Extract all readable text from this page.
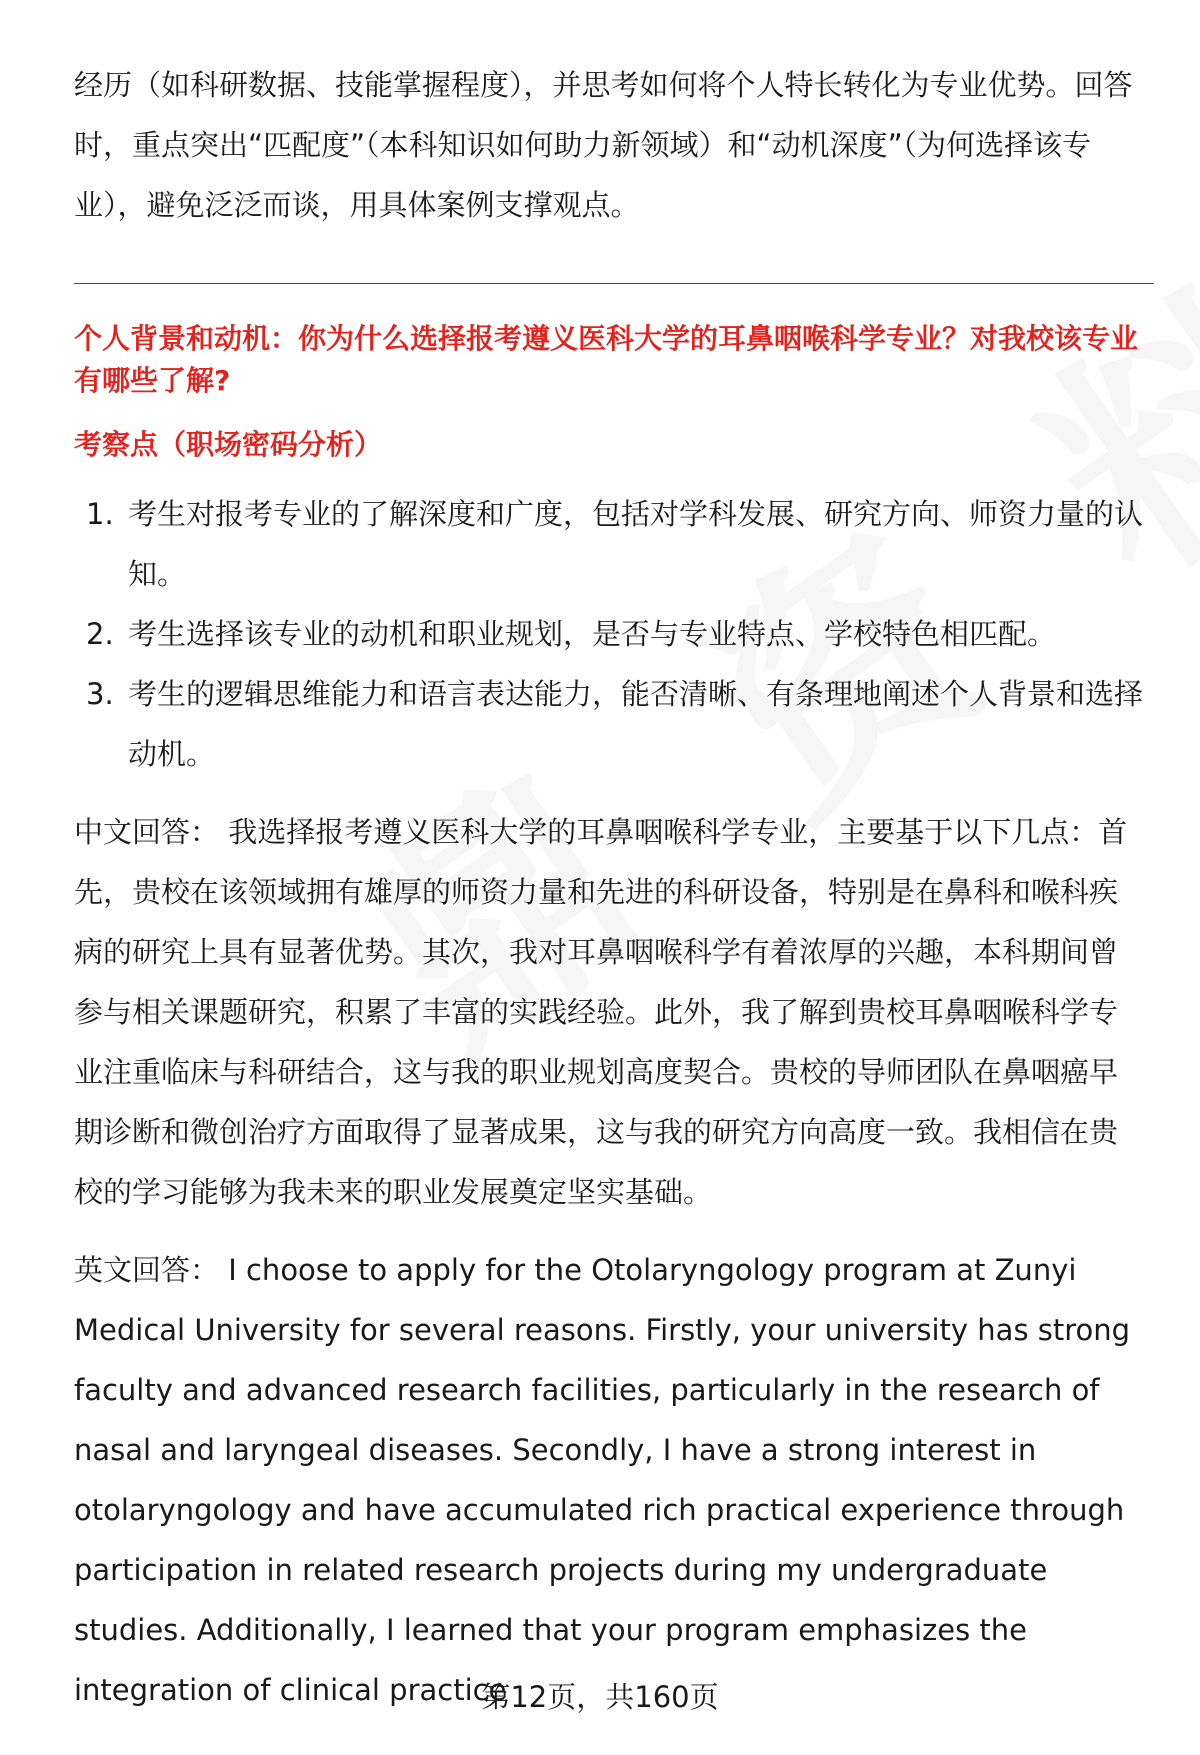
经历（如科研数据、技能掌握程度），并思考如何将个人特长转化为专业优势。回答时，重点突出“匹配度”（本科知识如何助力新领域）和“动机深度”（为何选择该专业），避免泛泛而谈，用具体案例支撑观点。

个人背景和动机：你为什么选择报考遵义医科大学的耳鼻咽喉科学专业？对我校该专业有哪些了解?
考察点（职场密码分析）
1. 考生对报考专业的了解深度和广度，包括对学科发展、研究方向、师资力量的认知。
2. 考生选择该专业的动机和职业规划，是否与专业特点、学校特色相匹配。
3. 考生的逻辑思维能力和语言表达能力，能否清晰、有条理地阐述个人背景和选择动机。

中文回答： 我选择报考遵义医科大学的耳鼻咽喉科学专业，主要基于以下几点：首先，贵校在该领域拥有雄厚的师资力量和先进的科研设备，特别是在鼻科和喉科疾病的研究上具有显著优势。其次，我对耳鼻咽喉科学有着浓厚的兴趣，本科期间曾参与相关课题研究，积累了丰富的实践经验。此外，我了解到贵校耳鼻咽喉科学专业注重临床与科研结合，这与我的职业规划高度契合。贵校的导师团队在鼻咽癌早期诊断和微创治疗方面取得了显著成果，这与我的研究方向高度一致。我相信在贵校的学习能够为我未来的职业发展奠定坚实基础。

英文回答： I choose to apply for the Otolaryngology program at Zunyi Medical University for several reasons. Firstly, your university has strong faculty and advanced research facilities, particularly in the research of nasal and laryngeal diseases. Secondly, I have a strong interest in otolaryngology and have accumulated rich practical experience through participation in related research projects during my undergraduate studies. Additionally, I learned that your program emphasizes the integration of clinical practice

第12页，共160页
